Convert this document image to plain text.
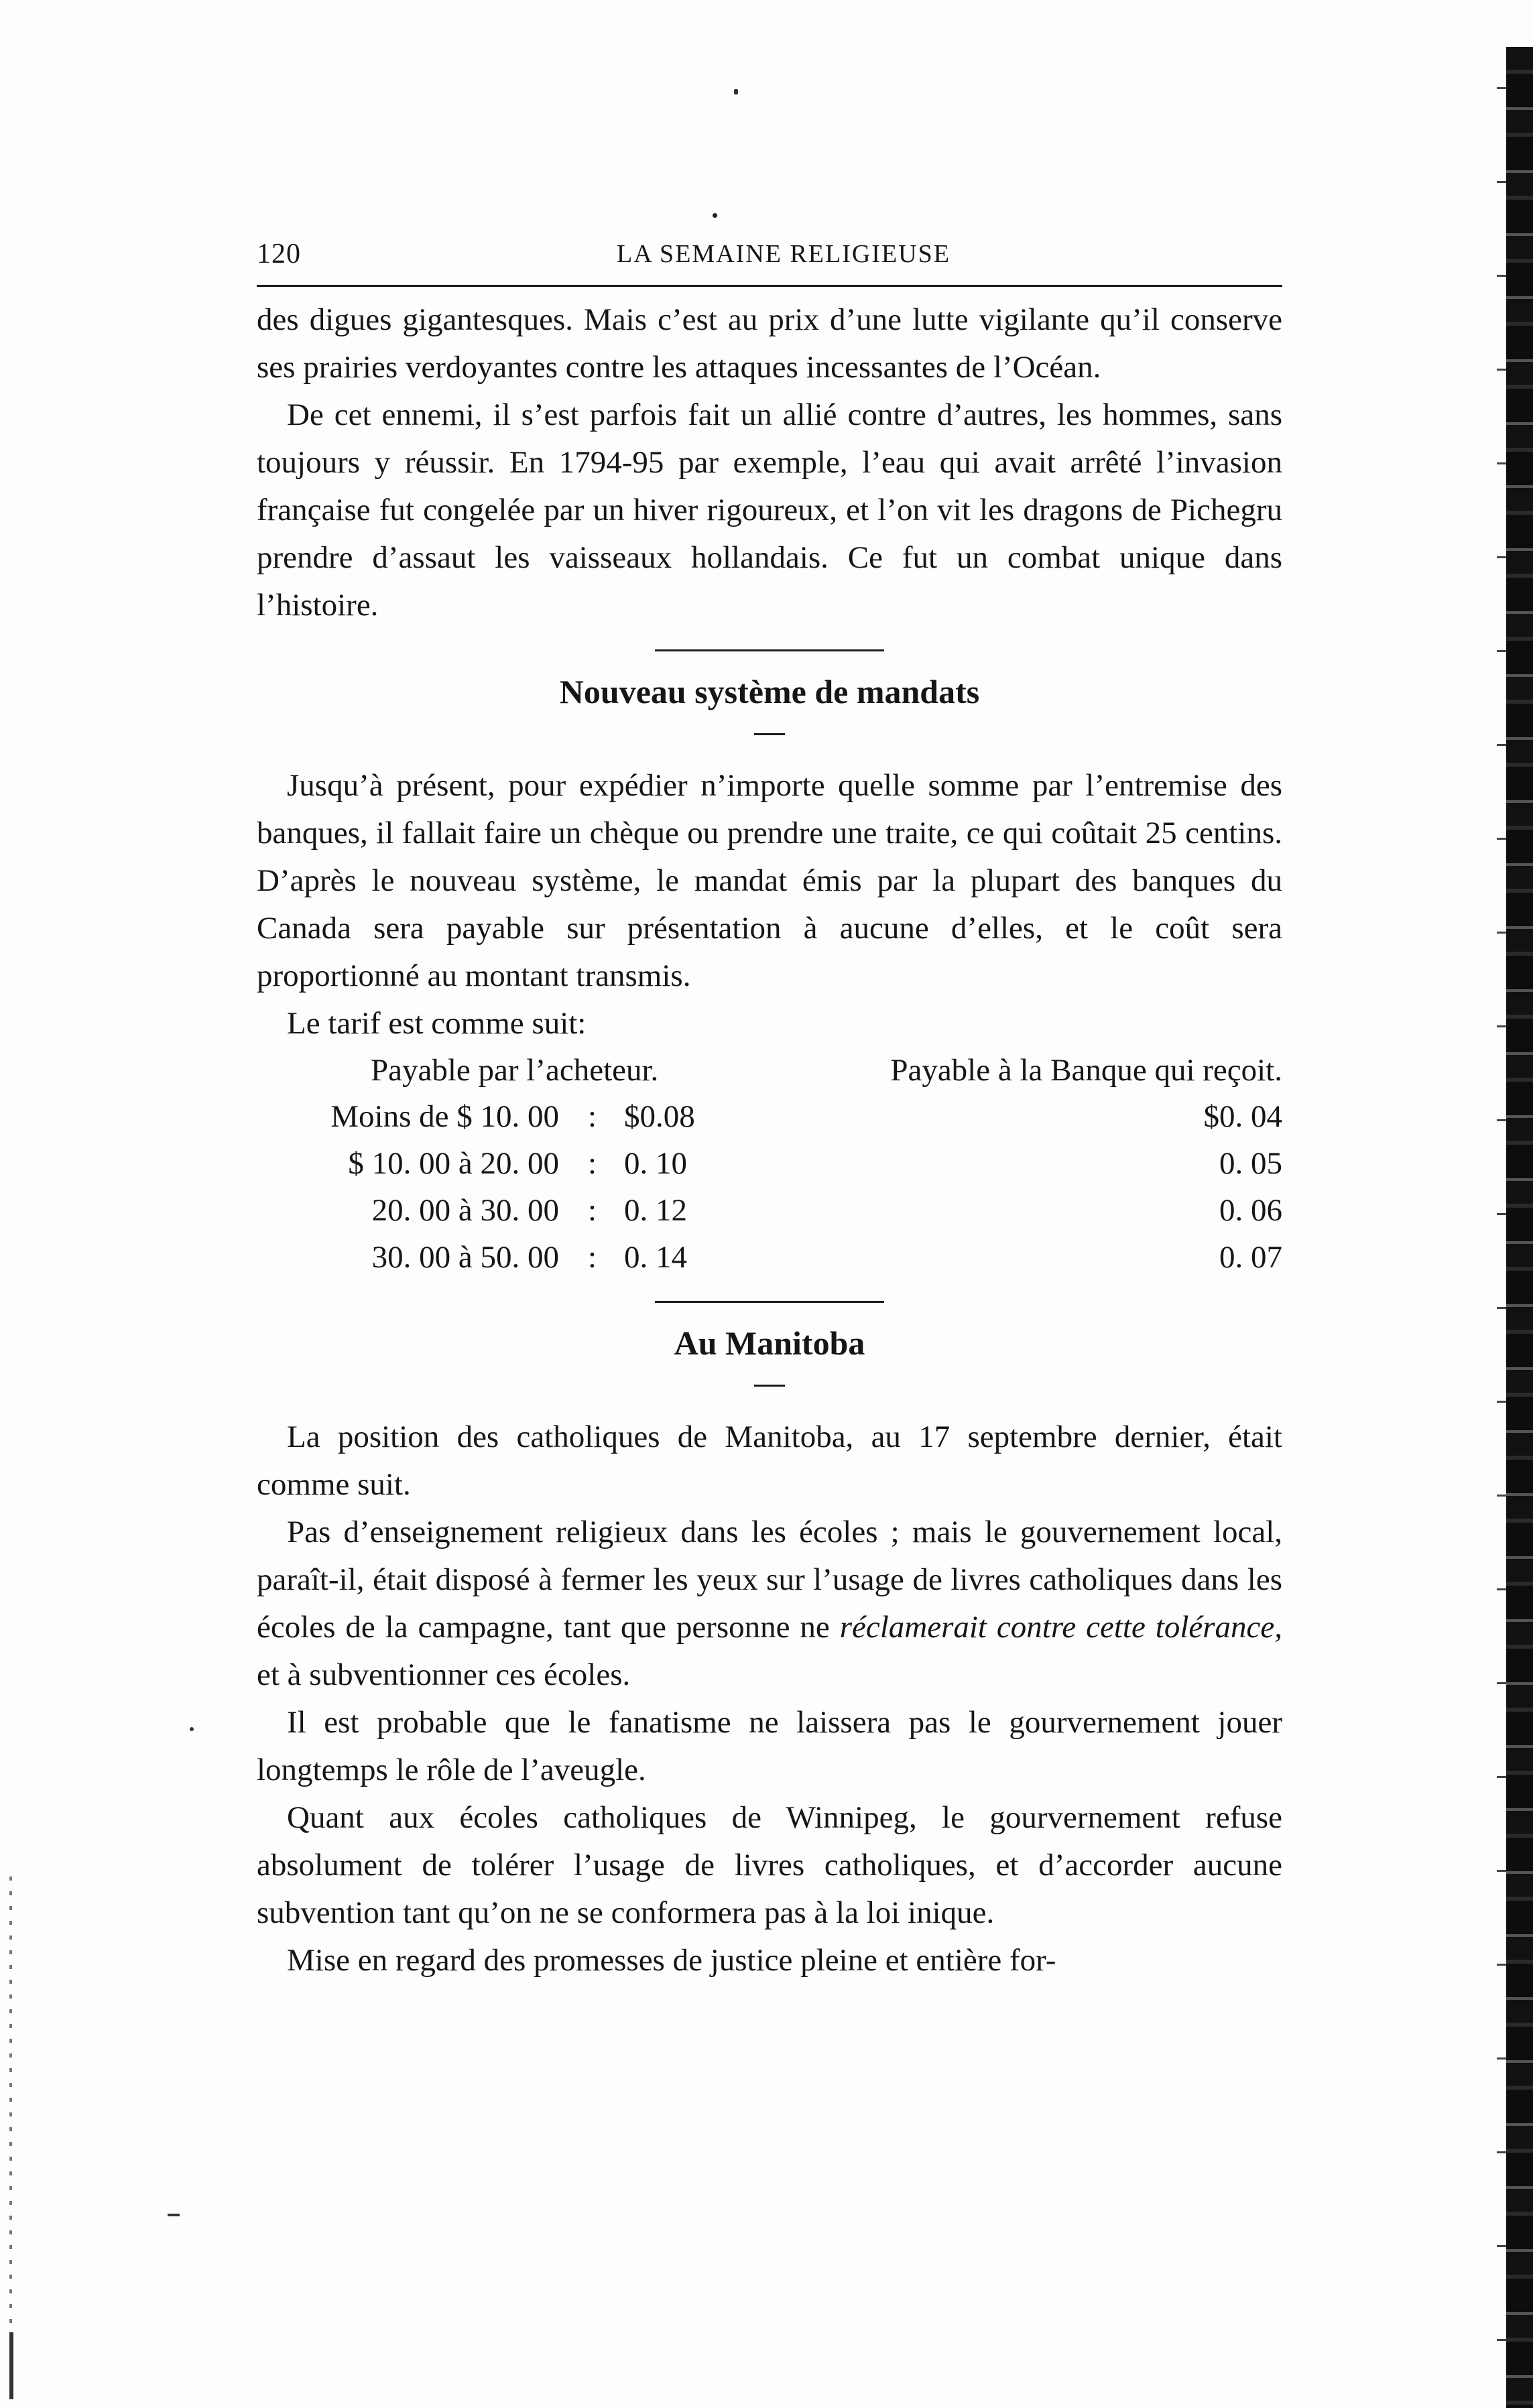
120	LA SEMAINE RELIGIEUSE

des digues gigantesques. Mais c’est au prix d’une lutte vigilante qu’il conserve ses prairies verdoyantes contre les attaques incessantes de l’Océan.

De cet ennemi, il s’est parfois fait un allié contre d’autres, les hommes, sans toujours y réussir. En 1794-95 par exemple, l’eau qui avait arrêté l’invasion française fut congelée par un hiver rigoureux, et l’on vit les dragons de Pichegru prendre d’assaut les vaisseaux hollandais. Ce fut un combat unique dans l’histoire.

Nouveau système de mandats

Jusqu’à présent, pour expédier n’importe quelle somme par l’entremise des banques, il fallait faire un chèque ou prendre une traite, ce qui coûtait 25 centins. D’après le nouveau système, le mandat émis par la plupart des banques du Canada sera payable sur présentation à aucune d’elles, et le coût sera proportionné au montant transmis.

Le tarif est comme suit:

Payable par l’acheteur.	Payable à la Banque qui reçoit.
Moins de $ 10. 00 : $0.08	$0. 04
$ 10. 00 à 20. 00 : 0. 10	0. 05
20. 00 à 30. 00 : 0. 12	0. 06
30. 00 à 50. 00 : 0. 14	0. 07
Au Manitoba

La position des catholiques de Manitoba, au 17 septembre dernier, était comme suit.

Pas d’enseignement religieux dans les écoles ; mais le gouvernement local, paraît-il, était disposé à fermer les yeux sur l’usage de livres catholiques dans les écoles de la campagne, tant que personne ne réclamerait contre cette tolérance, et à subventionner ces écoles.

Il est probable que le fanatisme ne laissera pas le gourvernement jouer longtemps le rôle de l’aveugle.

Quant aux écoles catholiques de Winnipeg, le gourvernement refuse absolument de tolérer l’usage de livres catholiques, et d’accorder aucune subvention tant qu’on ne se conformera pas à la loi inique.

Mise en regard des promesses de justice pleine et entière for-
